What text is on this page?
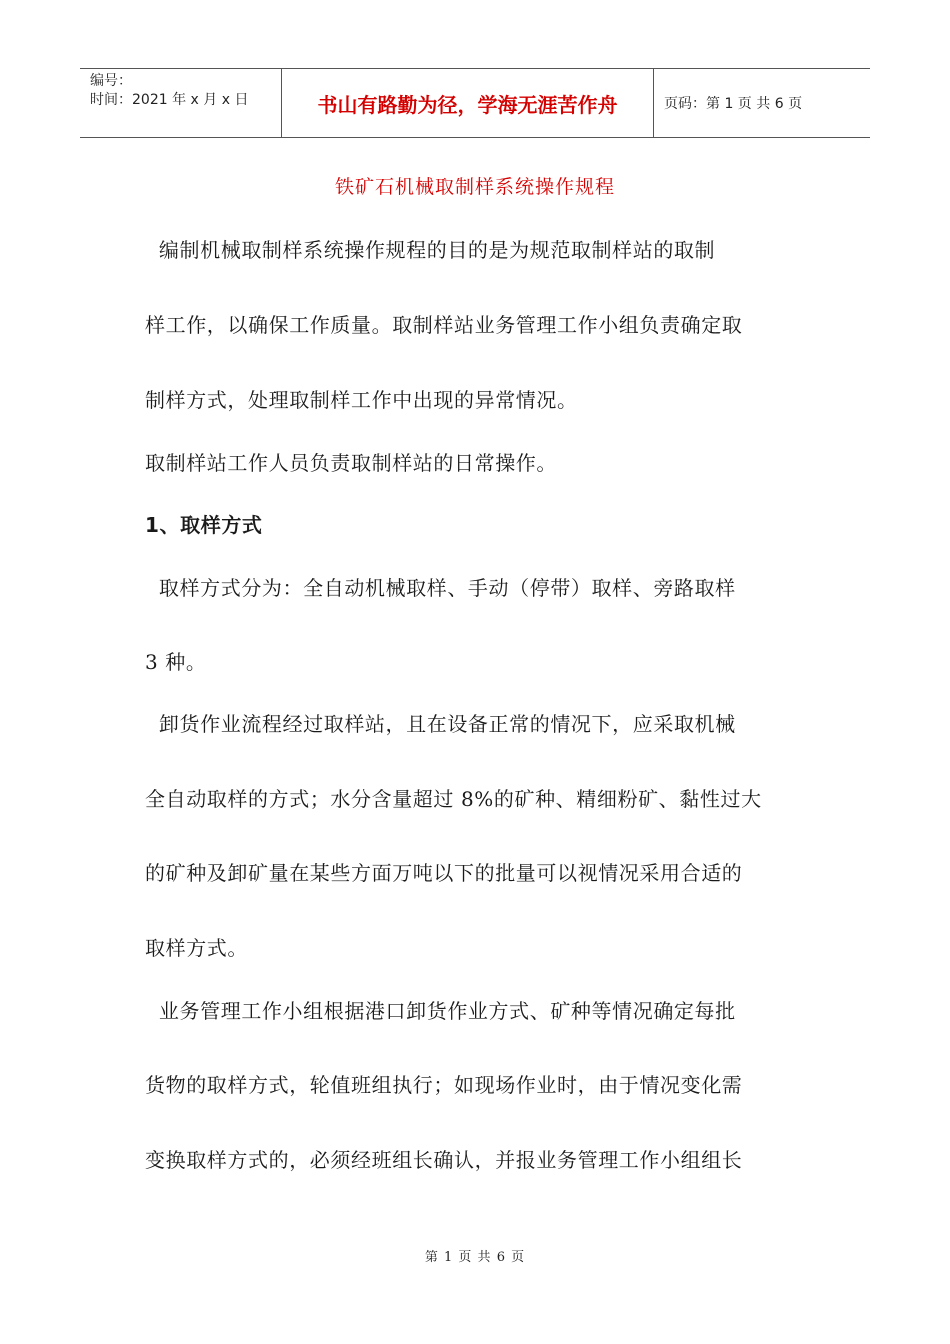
编号：
时间：2021 年 x 月 x 日	书山有路勤为径，学海无涯苦作舟	页码：第 1 页 共 6 页
铁矿石机械取制样系统操作规程
编制机械取制样系统操作规程的目的是为规范取制样站的取制
样工作，以确保工作质量。取制样站业务管理工作小组负责确定取
制样方式，处理取制样工作中出现的异常情况。
取制样站工作人员负责取制样站的日常操作。
1、取样方式
取样方式分为：全自动机械取样、手动（停带）取样、旁路取样
3 种。
卸货作业流程经过取样站，且在设备正常的情况下，应采取机械
全自动取样的方式；水分含量超过 8%的矿种、精细粉矿、黏性过大
的矿种及卸矿量在某些方面万吨以下的批量可以视情况采用合适的
取样方式。
业务管理工作小组根据港口卸货作业方式、矿种等情况确定每批
货物的取样方式，轮值班组执行；如现场作业时，由于情况变化需
变换取样方式的，必须经班组长确认，并报业务管理工作小组组长
第 1 页 共 6 页
